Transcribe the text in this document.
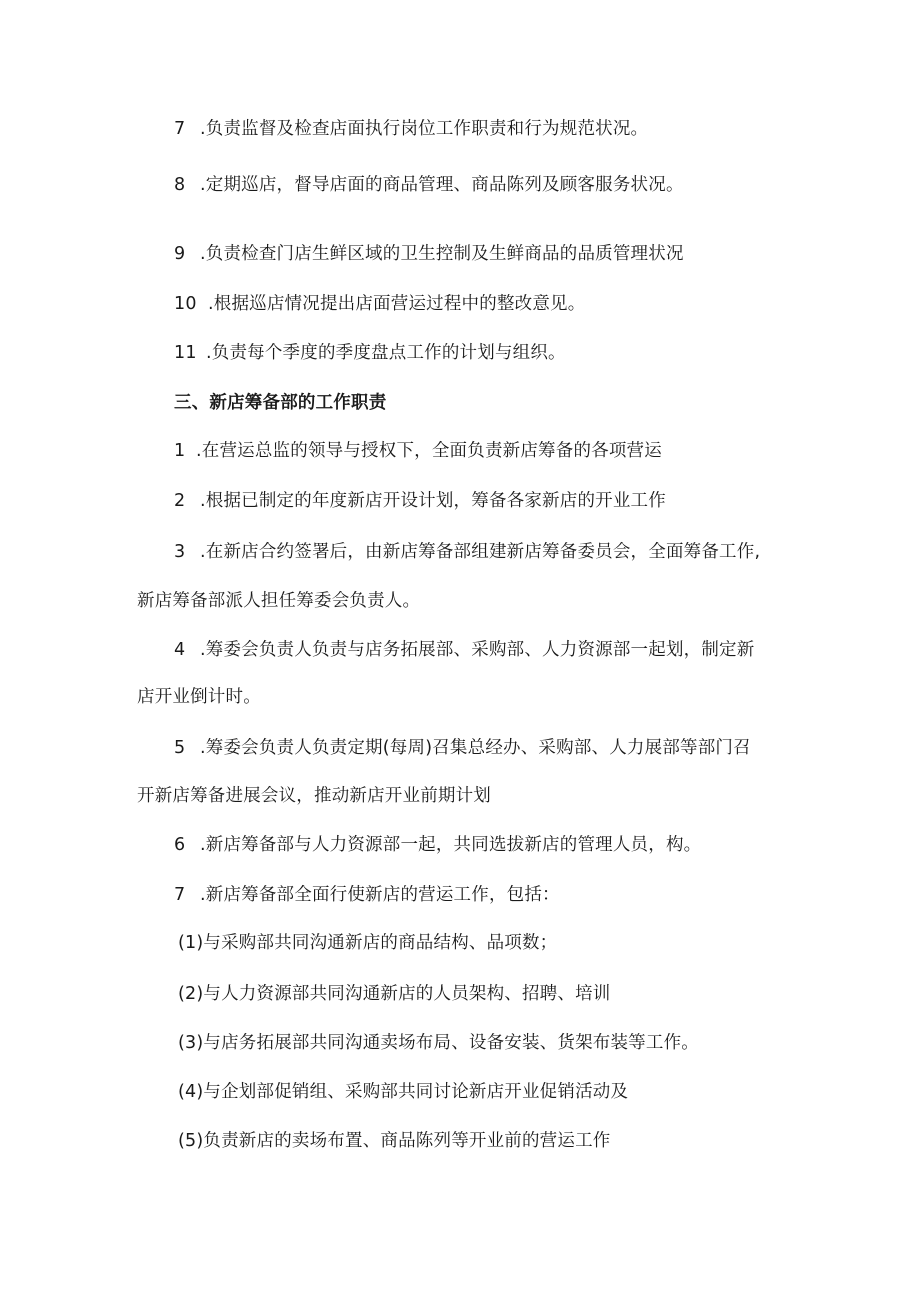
7 .负责监督及检查店面执行岗位工作职责和行为规范状况。
8 .定期巡店，督导店面的商品管理、商品陈列及顾客服务状况。
9 .负责检查门店生鲜区域的卫生控制及生鲜商品的品质管理状况
10 .根据巡店情况提出店面营运过程中的整改意见。
11 .负责每个季度的季度盘点工作的计划与组织。
三、新店筹备部的工作职责
1 .在营运总监的领导与授权下，全面负责新店筹备的各项营运
2 .根据已制定的年度新店开设计划，筹备各家新店的开业工作
3 .在新店合约签署后，由新店筹备部组建新店筹备委员会，全面筹备工作,
新店筹备部派人担任筹委会负责人。
4 .筹委会负责人负责与店务拓展部、采购部、人力资源部一起划，制定新
店开业倒计时。
5 .筹委会负责人负责定期(每周)召集总经办、采购部、人力展部等部门召
开新店筹备进展会议，推动新店开业前期计划
6 .新店筹备部与人力资源部一起，共同选拔新店的管理人员，构。
7 .新店筹备部全面行使新店的营运工作，包括：
(1)与采购部共同沟通新店的商品结构、品项数；
(2)与人力资源部共同沟通新店的人员架构、招聘、培训
(3)与店务拓展部共同沟通卖场布局、设备安装、货架布装等工作。
(4)与企划部促销组、采购部共同讨论新店开业促销活动及
(5)负责新店的卖场布置、商品陈列等开业前的营运工作
